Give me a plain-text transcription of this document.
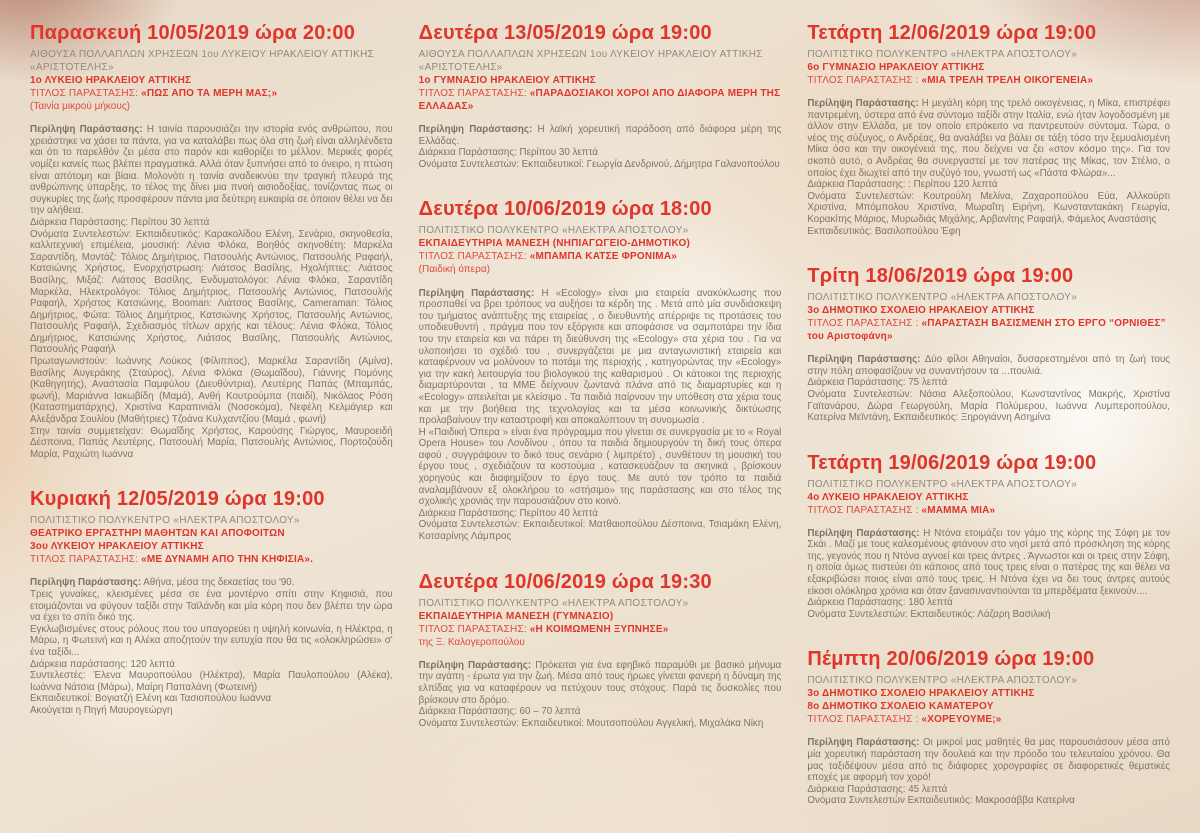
Παρασκευή 10/05/2019 ώρα 20:00
ΑΙΘΟΥΣΑ ΠΟΛΛΑΠΛΩΝ ΧΡΗΣΕΩΝ 1ου ΛΥΚΕΙΟΥ ΗΡΑΚΛΕΙΟΥ ΑΤΤΙΚΗΣ «ΑΡΙΣΤΟΤΕΛΗΣ»
1ο ΛΥΚΕΙΟ ΗΡΑΚΛΕΙΟΥ ΑΤΤΙΚΗΣ
ΤΙΤΛΟΣ ΠΑΡΑΣΤΑΣΗΣ: «ΠΩΣ ΑΠΟ ΤΑ ΜΕΡΗ ΜΑΣ;»
(Ταινία μικρού μήκους)

Περίληψη Παράστασης: Η ταινία παρουσιάζει την ιστορία ενός ανθρώπου, που χρειάστηκε να χάσει τα πάντα, για να καταλάβει πως όλα στη ζωή είναι αλληλένδετα και ότι το παρελθόν ζει μέσα στο παρόν και καθορίζει το μέλλον. Μερικές φορές νομίζει κανείς πως βλέπει πραγματικά. Αλλά όταν ξυπνήσει από το όνειρο, η πτώση είναι απότομη και βίαια. Μολονότι η ταινία αναδεικνύει την τραγική πλευρά της ανθρώπινης ύπαρξης, το τέλος της δίνει μια πνοή αισιοδοξίας, τονίζοντας πως οι συγκυρίες της ζωής προσφέρουν πάντα μια δεύτερη ευκαιρία σε όποιον θέλει να δει την αλήθεια.

Διάρκεια Παράστασης: Περίπου 30 λεπτά

Ονόματα Συντελεστών: Εκπαιδευτικός: Καρακολίδου Ελένη, Σενάριο, σκηνοθεσία, καλλιτεχνική επιμέλεια, μουσική: Λένια Φλόκα, Βοηθός σκηνοθέτη: Μαρκέλα Σαραντίδη, Μοντάζ: Τόλιος Δημήτριος, Πατσουλής Αντώνιος, Πατσουλής Ραφαήλ, Κατσιώνης Χρήστος, Ενορχήστρωση: Λιάτσος Βασίλης, Ηχολήπτες: Λιάτσος Βασίλης, Μιξάζ: Λιάτσος Βασίλης, Ενδυματολόγοι: Λένια Φλόκα, Σαραντίδη Μαρκέλα, Ηλεκτρολόγοι: Τόλιος Δημήτριος, Πατσουλής Αντώνιος, Πατσουλής Ραφαήλ, Χρήστος Κατσιώνης, Booman: Λιάτσος Βασίλης, Cameraman: Τόλιος Δημήτριος, Φώτα: Τόλιος Δημήτριος, Κατσιώνης Χρήστος, Πατσουλής Αντώνιος, Πατσουλής Ραφαήλ, Σχεδιασμός τίτλων αρχής και τέλους: Λένια Φλόκα, Τόλιος Δημήτριος, Κατσιώνης Χρήστος, Λιάτσος Βασίλης, Πατσουλής Αντώνιος, Πατσουλής Ραφαήλ

Πρωταγωνιστούν: Ιωάννης Λούκος (Φίλιππος), Μαρκέλα Σαραντίδη (Αμίνα), Βασίλης Αυγεράκης (Σταύρος), Λένια Φλόκα (Θωμαΐδου), Γιάννης Πομόνης (Καθηγητής), Αναστασία Παμφύλου (Διευθύντρια), Λευτέρης Παπάς (Μπαμπάς, φωνή), Μαριάννα Ιακωβίδη (Μαμά), Ανθή Κουτρούμπα (παιδί), Νικόλαος Ρόση (Καταστηματάρχης), Χριστίνα Καραπινιάλι (Νοσοκόμα), Νεφέλη Κελμάγιερ και Αλεξάνδρα Σουλίου (Μαθήτριες) Τζοάνα Κυλχαντζίου (Μαμά , φωνή)

Στην ταινία συμμετείχαν: Θωμαΐδης Χρήστος, Καρούσης Γιώργος, Μαυροειδή Δέσποινα, Παπάς Λευτέρης, Πατσουλή Μαρία, Πατσουλής Αντώνιος, Πορτοζούδη Μαρία, Ραχιώτη Ιωάννα

Κυριακή 12/05/2019 ώρα 19:00
ΠΟΛΙΤΙΣΤΙΚΟ ΠΟΛΥΚΕΝΤΡΟ «ΗΛΕΚΤΡΑ ΑΠΟΣΤΟΛΟΥ»
ΘΕΑΤΡΙΚΟ ΕΡΓΑΣΤΗΡΙ ΜΑΘΗΤΩΝ ΚΑΙ ΑΠΟΦΟΙΤΩΝ
3ου ΛΥΚΕΙΟΥ ΗΡΑΚΛΕΙΟΥ ΑΤΤΙΚΗΣ
ΤΙΤΛΟΣ ΠΑΡΑΣΤΑΣΗΣ: «ΜΕ ΔΥΝΑΜΗ ΑΠΟ ΤΗΝ ΚΗΦΙΣΙΑ».

Περίληψη Παράστασης: Αθήνα, μέσα της δεκαετίας του '90.

Τρεις γυναίκες, κλεισμένες μέσα σε ένα μοντέρνο σπίτι στην Κηφισιά, που ετοιμάζονται να φύγουν ταξίδι στην Ταϊλάνδη και μία κόρη που δεν βλέπει την ώρα να έχει το σπίτι δικό της.

Εγκλωβισμένες στους ρόλους που του υπαγορεύει η υψηλή κοινωνία, η Ηλέκτρα, η Μάρω, η Φωτεινή και η Αλέκα αποζητούν την ευτυχία που θα τις «ολοκληρώσει» σ' ένα ταξίδι...

Διάρκεια παράστασης: 120 λεπτά

Συντελεστές: Έλενα Μαυροπούλου (Ηλέκτρα), Μαρία Παυλοπούλου (Αλέκα), Ιωάννα Νάτσια (Μάρω), Μαίρη Παπαλάνη (Φωτεινή)

Εκπαιδευτικοί: Βογιατζή Ελένη και Τασιοπούλου Ιωάννα

Ακούγεται η Πηγή Μαυρογεώργη

Δευτέρα 13/05/2019 ώρα 19:00
ΑΙΘΟΥΣΑ ΠΟΛΛΑΠΛΩΝ ΧΡΗΣΕΩΝ 1ου ΛΥΚΕΙΟΥ ΗΡΑΚΛΕΙΟΥ ΑΤΤΙΚΗΣ «ΑΡΙΣΤΟΤΕΛΗΣ»
1ο ΓΥΜΝΑΣΙΟ ΗΡΑΚΛΕΙΟΥ ΑΤΤΙΚΗΣ
ΤΙΤΛΟΣ ΠΑΡΑΣΤΑΣΗΣ: «ΠΑΡΑΔΟΣΙΑΚΟΙ ΧΟΡΟΙ ΑΠΟ ΔΙΑΦΟΡΑ ΜΕΡΗ ΤΗΣ ΕΛΛΑΔΑΣ»

Περίληψη Παράστασης: Η λαϊκή χορευτική παράδοση από διάφορα μέρη της Ελλάδας.

Διάρκεια Παράστασης: Περίπου 30 λεπτά

Ονόματα Συντελεστών: Εκπαιδευτικοί: Γεωργία Δενδρινού, Δήμητρα Γαλανοπούλου

Δευτέρα 10/06/2019 ώρα 18:00
ΠΟΛΙΤΙΣΤΙΚΟ ΠΟΛΥΚΕΝΤΡΟ «ΗΛΕΚΤΡΑ ΑΠΟΣΤΟΛΟΥ»
ΕΚΠΑΙΔΕΥΤΗΡΙΑ ΜΑΝΕΣΗ (ΝΗΠΙΑΓΩΓΕΙΟ-ΔΗΜΟΤΙΚΟ)
ΤΙΤΛΟΣ ΠΑΡΑΣΤΑΣΗΣ: «ΜΠΑΜΠΑ ΚΑΤΣΕ ΦΡΟΝΙΜΑ»
(Παιδική όπερα)

Περίληψη Παράστασης: Η «Ecology» είναι μια εταιρεία ανακύκλωσης που προσπαθεί να βρει τρόπους να αυξήσει τα κέρδη της . Μετά από μία συνδιάσκεψη του τμήματος ανάπτυξης της εταιρείας , ο διευθυντής απέρριψε τις προτάσεις του υποδιευθυντή , πράγμα που τον εξόργισε και αποφάσισε να σαμποτάρει την ίδια του την εταιρεία και να πάρει τη διεύθυνση της «Ecology» στα χέρια του . Για να υλοποιήσει το σχέδιό του , συνεργάζεται με μια ανταγωνιστική εταιρεία και καταφέρνουν να μολύνουν το ποτάμι της περιοχής , κατηγορώντας την «Ecology» για την κακή λειτουργία του βιολογικού της καθαρισμού . Οι κάτοικοι της περιοχής διαμαρτύρονται , τα ΜΜΕ δείχνουν ζωντανά πλάνα από τις διαμαρτυρίες και η «Ecology» απειλείται με κλείσιμο . Τα παιδιά παίρνουν την υπόθεση στα χέρια τους και με την βοήθεια της τεχνολογίας και τα μέσα κοινωνικής δικτύωσης προλαβαίνουν την καταστροφή και αποκαλύπτουν τη συνομωσία .

Η «Παιδική Όπερα » είναι ένα πρόγραμμα που γίνεται σε συνεργασία με το « Royal Opera House» του Λονδίνου , όπου τα παιδιά δημιουργούν τη δική τους όπερα αφού , συγγράψουν το δικό τους σενάριο ( λιμπρέτο) , συνθέτουν τη μουσική του έργου τους , σχεδιάζουν τα κοστούμια , κατασκευάζουν τα σκηνικά , βρίσκουν χορηγούς και διαφημίζουν το έργο τους. Με αυτό τον τρόπο τα παιδιά αναλαμβάνουν εξ ολοκλήρου το «στήσιμο» της παράστασης και στο τέλος της σχολικής χρονιάς την παρουσιάζουν στο κοινό.

Διάρκεια Παράστασης: Περίπου 40 λεπτά

Ονόματα Συντελεστών: Εκπαιδευτικοί: Ματθαιοπούλου Δέσποινα, Τσιαμάκη Ελένη, Κοτσαρίνης Λάμπρος

Δευτέρα 10/06/2019 ώρα 19:30
ΠΟΛΙΤΙΣΤΙΚΟ ΠΟΛΥΚΕΝΤΡΟ «ΗΛΕΚΤΡΑ ΑΠΟΣΤΟΛΟΥ»
ΕΚΠΑΙΔΕΥΤΗΡΙΑ ΜΑΝΕΣΗ (ΓΥΜΝΑΣΙΟ)
ΤΙΤΛΟΣ ΠΑΡΑΣΤΑΣΗΣ: «Η ΚΟΙΜΩΜΕΝΗ ΞΥΠΝΗΣΕ»
της Ξ. Καλογεροπούλου

Περίληψη Παράστασης: Πρόκειται για ένα εφηβικό παραμύθι με βασικό μήνυμα την αγάπη - έρωτα για την ζωή. Μέσα από τους ήρωες γίνεται φανερή η δύναμη της ελπίδας για να καταφέρουν να πετύχουν τους στόχους. Παρά τις δυσκολίες που βρίσκουν στο δρόμο.

Διάρκεια Παράστασης: 60 – 70 λεπτά

Ονόματα Συντελεστών: Εκπαιδευτικοί: Μουτσοπούλου Αγγελική, Μιχαλάκα Νίκη

Τετάρτη 12/06/2019 ώρα 19:00
ΠΟΛΙΤΙΣΤΙΚΟ ΠΟΛΥΚΕΝΤΡΟ «ΗΛΕΚΤΡΑ ΑΠΟΣΤΟΛΟΥ»
6ο ΓΥΜΝΑΣΙΟ ΗΡΑΚΛΕΙΟΥ ΑΤΤΙΚΗΣ
ΤΙΤΛΟΣ ΠΑΡΑΣΤΑΣΗΣ : «ΜΙΑ ΤΡΕΛΗ ΤΡΕΛΗ ΟΙΚΟΓΕΝΕΙΑ»

Περίληψη Παράστασης: Η μεγάλη κόρη της τρελό οικογένειας, η Μίκα, επιστρέφει παντρεμένη, ύστερα από ένα σύντομο ταξίδι στην Ιταλία, ενώ ήταν λογοδοσμένη με άλλον στην Ελλάδα, με τον οποίο επρόκειτο να παντρευτούν σύντομα. Τώρα, ο νέος της σύζυγος, ο Ανδρέας, θα αναλάβει να βάλει σε τάξη τόσο την ξεμυαλισμένη Μίκα όσο και την οικογένειά της, που δείχνει να ζει «στον κόσμο της». Για τον σκοπό αυτό, ο Ανδρέας θα συνεργαστεί με τον πατέρας της Μίκας, τον Στέλιο, ο οποίος έχει διωχτεί από την συζύγό του, γνωστή ως «Πάστα Φλώρα»...

Διάρκεια Παράστασης: : Περίπου 120 λεπτά

Ονόματα Συντελεστών: Κουτρούλη Μελίνα, Ζαχαροπούλου Εύα, Αλλκούρτι Χριστίνα, Μπόμπολου Χριστίνα, Μωραΐτη Ειρήνη, Κωνσταντακάκη Γεωργία, Κορακίτης Μάριος, Μυρωδιάς Μιχάλης, Αρβανίτης Ραφαήλ, Φάμελος Αναστάσης

Εκπαιδευτικός: Βασιλοπούλου Έφη

Τρίτη 18/06/2019 ώρα 19:00
ΠΟΛΙΤΙΣΤΙΚΟ ΠΟΛΥΚΕΝΤΡΟ «ΗΛΕΚΤΡΑ ΑΠΟΣΤΟΛΟΥ»
3ο ΔΗΜΟΤΙΚΟ ΣΧΟΛΕΙΟ ΗΡΑΚΛΕΙΟΥ ΑΤΤΙΚΗΣ
ΤΙΤΛΟΣ ΠΑΡΑΣΤΑΣΗΣ : «ΠΑΡΑΣΤΑΣΗ ΒΑΣΙΣΜΕΝΗ ΣΤΟ ΕΡΓΟ “ΟΡΝΙΘΕΣ” του Αριστοφάνη»

Περίληψη Παράστασης: Δύο φίλοι Αθηναίοι, δυσαρεστημένοι από τη ζωή τους στην πόλη αποφασίζουν να συναντήσουν τα ...πουλιά.

Διάρκεια Παράστασης: 75 λεπτά

Ονόματα Συντελεστών: Νάσια Αλεξοπούλου, Κωνσταντίνος Μακρής, Χριστίνα Γαϊτανάρου, Δώρα Γεωργούλη, Μαρία Πολύμερου, Ιωάννα Λυμπεροπούλου, Κατερίνα Μεϊντάνη, Εκπαιδευτικός: Ξηρογιάννη Ασημίνα

Τετάρτη 19/06/2019 ώρα 19:00
ΠΟΛΙΤΙΣΤΙΚΟ ΠΟΛΥΚΕΝΤΡΟ «ΗΛΕΚΤΡΑ ΑΠΟΣΤΟΛΟΥ»
4ο ΛΥΚΕΙΟ ΗΡΑΚΛΕΙΟΥ ΑΤΤΙΚΗΣ
ΤΙΤΛΟΣ ΠΑΡΑΣΤΑΣΗΣ : «ΜΑΜΜΑ ΜΙΑ»

Περίληψη Παράστασης: Η Ντόνα ετοιμάζει τον γάμο της κόρης της Σόφη με τον Σκάι . Μαζί με τους καλεσμένους φτάνουν στο νησί μετά από πρόσκληση της κόρης της, γεγονός που η Ντόνα αγνοεί και τρεις άντρες . Άγνωστοι και οι τρεις στην Σόφη, η οποία όμως πιστεύει ότι κάποιος από τους τρεις είναι ο πατέρας της και θέλει να εξακριβώσει ποιος είναι από τους τρεις. Η Ντόνα έχει να δει τους άντρες αυτούς είκοσι ολόκληρα χρόνια και όταν ξανασυναντιούνται τα μπερδέματα ξεκινούν....

Διάρκεια Παράστασης: 180 λεπτά

Ονόματα Συντελεστών: Εκπαιδευτικός: Λάζαρη Βασιλική

Πέμπτη 20/06/2019 ώρα 19:00
ΠΟΛΙΤΙΣΤΙΚΟ ΠΟΛΥΚΕΝΤΡΟ «ΗΛΕΚΤΡΑ ΑΠΟΣΤΟΛΟΥ»
3ο ΔΗΜΟΤΙΚΟ ΣΧΟΛΕΙΟ ΗΡΑΚΛΕΙΟΥ ΑΤΤΙΚΗΣ
8ο ΔΗΜΟΤΙΚΟ ΣΧΟΛΕΙΟ ΚΑΜΑΤΕΡΟΥ
ΤΙΤΛΟΣ ΠΑΡΑΣΤΑΣΗΣ : «ΧΟΡΕΥΟΥΜΕ;»

Περίληψη Παράστασης: Οι μικροί μας μαθητές θα μας παρουσιάσουν μέσα από μία χορευτική παράσταση την δουλειά και την πρόοδο του τελευταίου χρόνου. Θα μας ταξιδέψουν μέσα από τις διάφορες χορογραφίες σε διαφορετικές θεματικές εποχές με αφορμή τον χορό!

Διάρκεια Παράστασης: 45 λεπτά

Ονόματα Συντελεστών Εκπαιδευτικός: Μακροσάββα Κατερίνα
